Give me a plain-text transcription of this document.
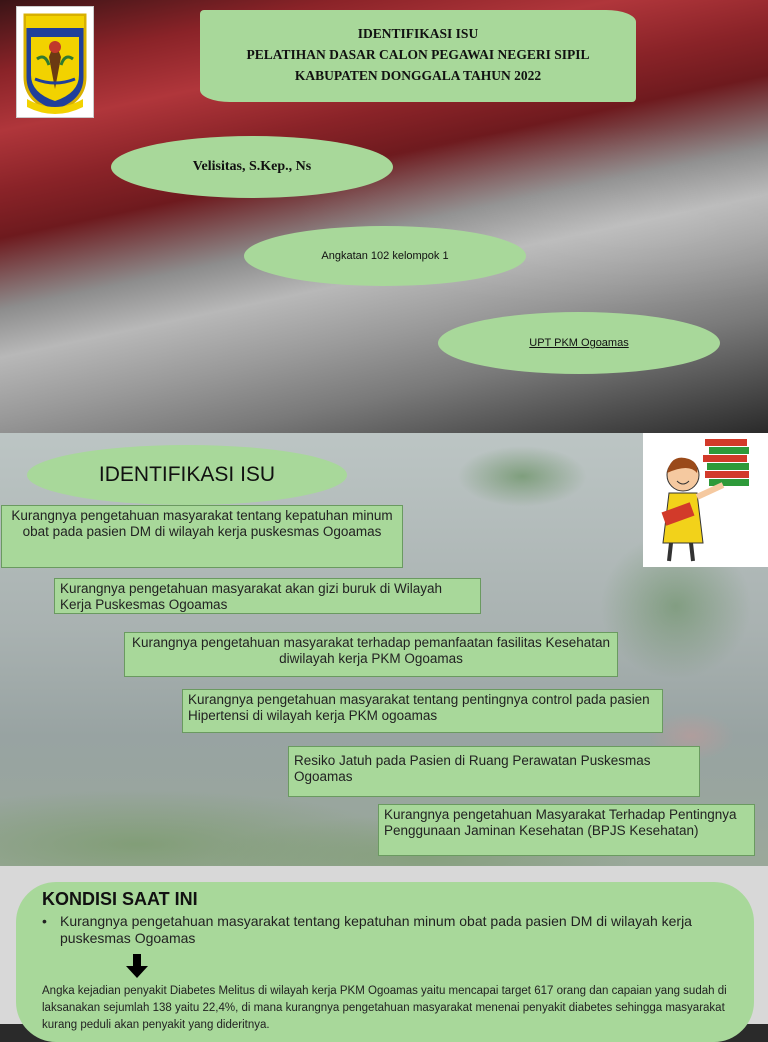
IDENTIFIKASI ISU
PELATIHAN DASAR CALON PEGAWAI NEGERI SIPIL
KABUPATEN DONGGALA TAHUN 2022
Velisitas, S.Kep., Ns
Angkatan 102 kelompok 1
UPT PKM Ogoamas
IDENTIFIKASI ISU
Kurangnya pengetahuan masyarakat tentang kepatuhan minum obat pada pasien DM di wilayah kerja puskesmas Ogoamas
Kurangnya pengetahuan masyarakat akan gizi buruk di Wilayah Kerja Puskesmas Ogoamas
Kurangnya pengetahuan masyarakat terhadap pemanfaatan fasilitas Kesehatan diwilayah kerja PKM Ogoamas
Kurangnya pengetahuan masyarakat tentang pentingnya control pada pasien Hipertensi di wilayah kerja PKM ogoamas
Resiko Jatuh pada Pasien di Ruang Perawatan Puskesmas Ogoamas
Kurangnya pengetahuan Masyarakat Terhadap Pentingnya Penggunaan Jaminan Kesehatan (BPJS Kesehatan)
KONDISI SAAT INI
• Kurangnya pengetahuan masyarakat tentang kepatuhan minum obat pada pasien DM di wilayah kerja puskesmas Ogoamas
Angka kejadian penyakit Diabetes Melitus di wilayah kerja PKM Ogoamas yaitu mencapai target 617 orang dan capaian yang sudah di laksanakan sejumlah 138 yaitu 22,4%, di mana kurangnya pengetahuan masyarakat menenai penyakit diabetes sehingga masyarakat kurang peduli akan penyakit yang dideritnya.
